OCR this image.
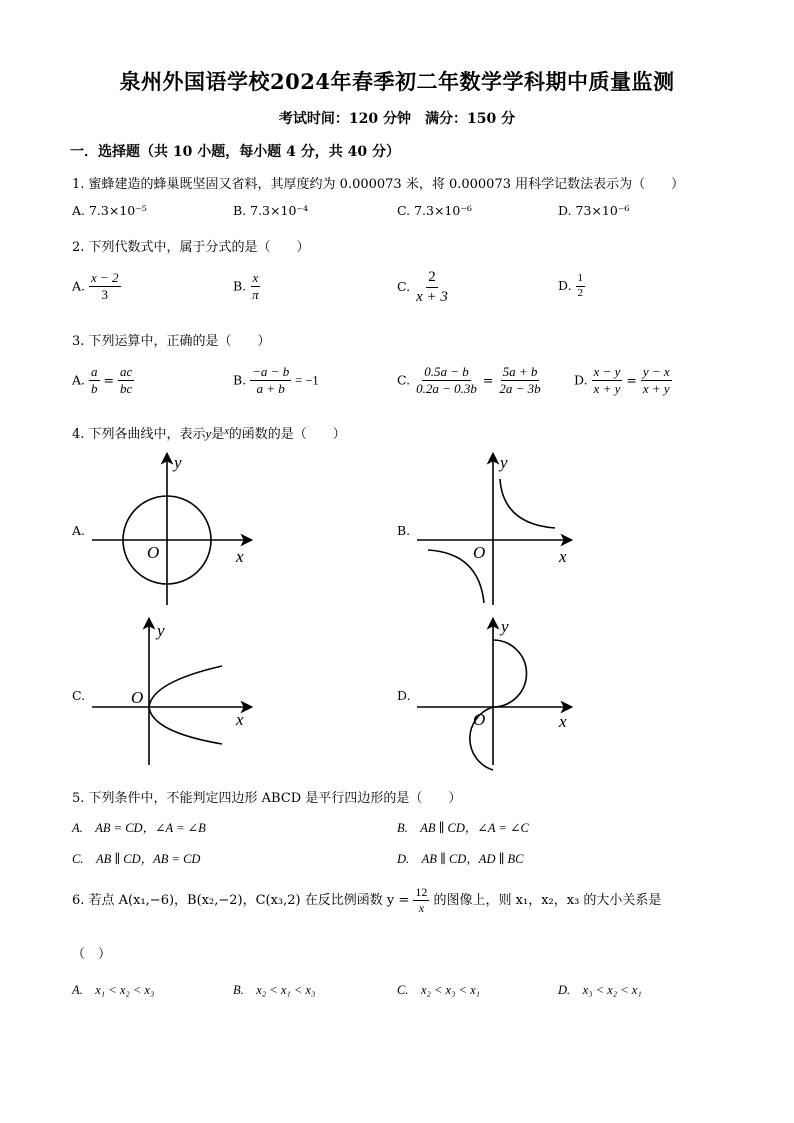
泉州外国语学校2024年春季初二年数学学科期中质量监测
考试时间：120 分钟　满分：150 分
一．选择题（共 10 小题，每小题 4 分，共 40 分）
1. 蜜蜂建造的蜂巢既坚固又省料，其厚度约为 0.000073 米，将 0.000073 用科学记数法表示为（　　）
A. 7.3×10⁻⁵	B. 7.3×10⁻⁴	C. 7.3×10⁻⁶	D. 73×10⁻⁶
2. 下列代数式中，属于分式的是（　　）
A. $\frac{x - 2}{3}$	B. $\frac{x}{\pi}$	C. $\frac{2}{x + 3}$	D. $\frac{1}{2}$
3. 下列运算中，正确的是（　　）
A. $\frac{a}{b} = \frac{ac}{bc}$	B. $\frac{-a - b}{a + b} = -1$	C. $\frac{0.5a - b}{0.2a - 0.3b} = \frac{5a + b}{2a - 3b}$	D. $\frac{x - y}{x + y} = \frac{y - x}{x + y}$
4. 下列各曲线中，表示y是$^x$的函数的是（　　）
A.	B.
C.	D.
y
x
O
y
x
O
y
x
O
y
x
O
5. 下列条件中，不能判定四边形 ABCD 是平行四边形的是（　　）
A.　AB = CD，∠A = ∠B	B.　AB ∥ CD，∠A = ∠C
C.　AB ∥ CD，AB = CD	D.　AB ∥ CD，AD ∥ BC
6. 若点 A(x₁,−6)，B(x₂,−2)，C(x₃,2) 在反比例函数 $y = \frac{12}{x}$ 的图像上，则 x₁，x₂，x₃ 的大小关系是
（　）
A.　x₁ < x₂ < x₃	B.　x₂ < x₁ < x₃	C.　x₂ < x₃ < x₁	D.　x₃ < x₂ < x₁
